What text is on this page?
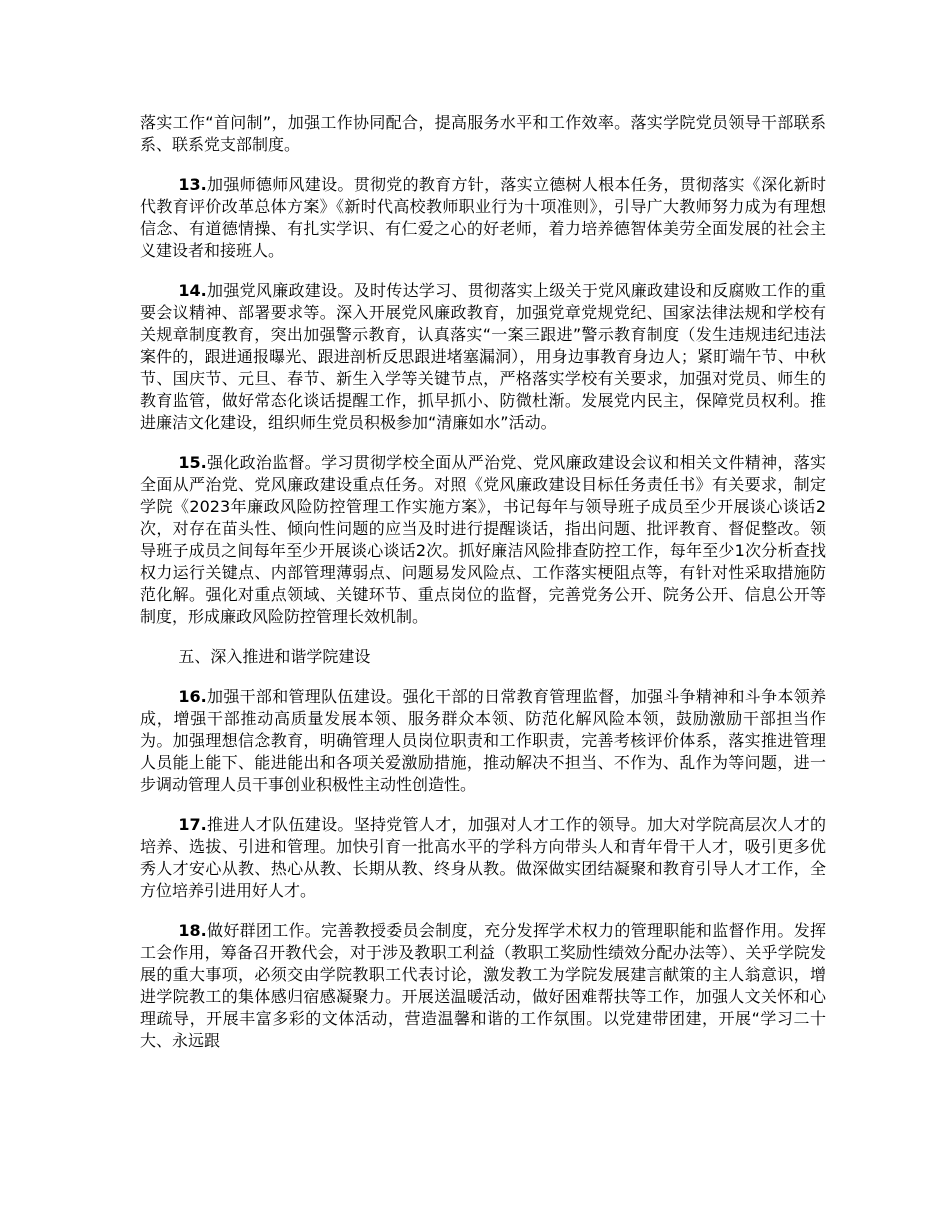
落实工作“首问制”，加强工作协同配合，提高服务水平和工作效率。落实学院党员领导干部联系系、联系党支部制度。

13.加强师德师风建设。贯彻党的教育方针，落实立德树人根本任务，贯彻落实《深化新时代教育评价改革总体方案》《新时代高校教师职业行为十项准则》，引导广大教师努力成为有理想信念、有道德情操、有扎实学识、有仁爱之心的好老师，着力培养德智体美劳全面发展的社会主义建设者和接班人。

14.加强党风廉政建设。及时传达学习、贯彻落实上级关于党风廉政建设和反腐败工作的重要会议精神、部署要求等。深入开展党风廉政教育，加强党章党规党纪、国家法律法规和学校有关规章制度教育，突出加强警示教育，认真落实“一案三跟进”警示教育制度（发生违规违纪违法案件的，跟进通报曝光、跟进剖析反思跟进堵塞漏洞），用身边事教育身边人；紧盯端午节、中秋节、国庆节、元旦、春节、新生入学等关键节点，严格落实学校有关要求，加强对党员、师生的教育监管，做好常态化谈话提醒工作，抓早抓小、防微杜渐。发展党内民主，保障党员权利。推进廉洁文化建设，组织师生党员积极参加“清廉如水”活动。

15.强化政治监督。学习贯彻学校全面从严治党、党风廉政建设会议和相关文件精神，落实全面从严治党、党风廉政建设重点任务。对照《党风廉政建设目标任务责任书》有关要求，制定学院《2023年廉政风险防控管理工作实施方案》，书记每年与领导班子成员至少开展谈心谈话2次，对存在苗头性、倾向性问题的应当及时进行提醒谈话，指出问题、批评教育、督促整改。领导班子成员之间每年至少开展谈心谈话2次。抓好廉洁风险排查防控工作，每年至少1次分析查找权力运行关键点、内部管理薄弱点、问题易发风险点、工作落实梗阻点等，有针对性采取措施防范化解。强化对重点领域、关键环节、重点岗位的监督，完善党务公开、院务公开、信息公开等制度，形成廉政风险防控管理长效机制。

五、深入推进和谐学院建设

16.加强干部和管理队伍建设。强化干部的日常教育管理监督，加强斗争精神和斗争本领养成，增强干部推动高质量发展本领、服务群众本领、防范化解风险本领，鼓励激励干部担当作为。加强理想信念教育，明确管理人员岗位职责和工作职责，完善考核评价体系，落实推进管理人员能上能下、能进能出和各项关爱激励措施，推动解决不担当、不作为、乱作为等问题，进一步调动管理人员干事创业积极性主动性创造性。

17.推进人才队伍建设。坚持党管人才，加强对人才工作的领导。加大对学院高层次人才的培养、选拔、引进和管理。加快引育一批高水平的学科方向带头人和青年骨干人才，吸引更多优秀人才安心从教、热心从教、长期从教、终身从教。做深做实团结凝聚和教育引导人才工作，全方位培养引进用好人才。

18.做好群团工作。完善教授委员会制度，充分发挥学术权力的管理职能和监督作用。发挥工会作用，筹备召开教代会，对于涉及教职工利益（教职工奖励性绩效分配办法等）、关乎学院发展的重大事项，必须交由学院教职工代表讨论，激发教工为学院发展建言献策的主人翁意识，增进学院教工的集体感归宿感凝聚力。开展送温暖活动，做好困难帮扶等工作，加强人文关怀和心理疏导，开展丰富多彩的文体活动，营造温馨和谐的工作氛围。以党建带团建，开展“学习二十大、永远跟
